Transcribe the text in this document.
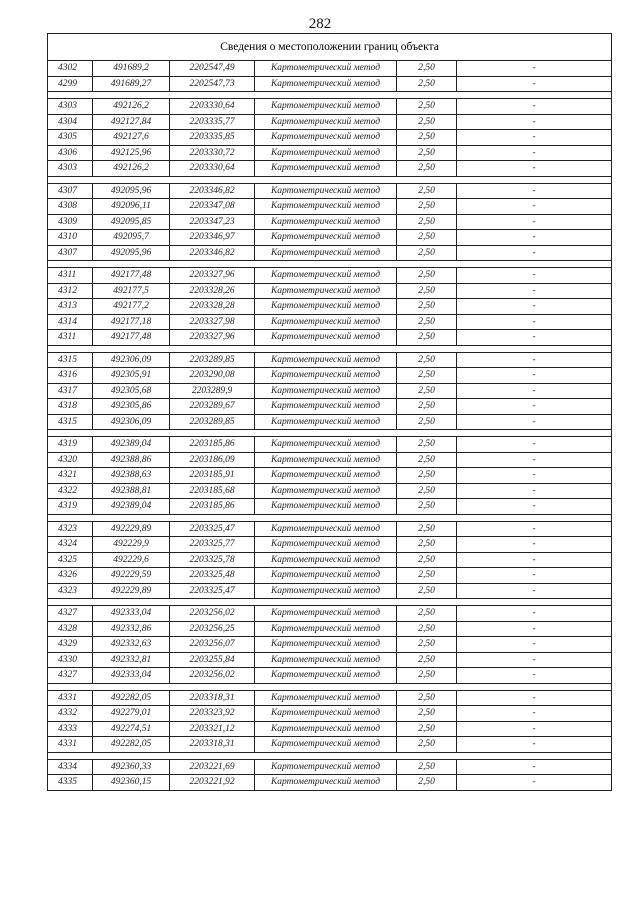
282
Сведения о местоположении границ объекта					
4302	491689,2	2202547,49	Картометрический метод	2,50	-
4299	491689,27	2202547,73	Картометрический метод	2,50	-

4303	492126,2	2203330,64	Картометрический метод	2,50	-
4304	492127,84	2203335,77	Картометрический метод	2,50	-
4305	492127,6	2203335,85	Картометрический метод	2,50	-
4306	492125,96	2203330,72	Картометрический метод	2,50	-
4303	492126,2	2203330,64	Картометрический метод	2,50	-

4307	492095,96	2203346,82	Картометрический метод	2,50	-
4308	492096,11	2203347,08	Картометрический метод	2,50	-
4309	492095,85	2203347,23	Картометрический метод	2,50	-
4310	492095,7	2203346,97	Картометрический метод	2,50	-
4307	492095,96	2203346,82	Картометрический метод	2,50	-

4311	492177,48	2203327,96	Картометрический метод	2,50	-
4312	492177,5	2203328,26	Картометрический метод	2,50	-
4313	492177,2	2203328,28	Картометрический метод	2,50	-
4314	492177,18	2203327,98	Картометрический метод	2,50	-
4311	492177,48	2203327,96	Картометрический метод	2,50	-

4315	492306,09	2203289,85	Картометрический метод	2,50	-
4316	492305,91	2203290,08	Картометрический метод	2,50	-
4317	492305,68	2203289,9	Картометрический метод	2,50	-
4318	492305,86	2203289,67	Картометрический метод	2,50	-
4315	492306,09	2203289,85	Картометрический метод	2,50	-

4319	492389,04	2203185,86	Картометрический метод	2,50	-
4320	492388,86	2203186,09	Картометрический метод	2,50	-
4321	492388,63	2203185,91	Картометрический метод	2,50	-
4322	492388,81	2203185,68	Картометрический метод	2,50	-
4319	492389,04	2203185,86	Картометрический метод	2,50	-

4323	492229,89	2203325,47	Картометрический метод	2,50	-
4324	492229,9	2203325,77	Картометрический метод	2,50	-
4325	492229,6	2203325,78	Картометрический метод	2,50	-
4326	492229,59	2203325,48	Картометрический метод	2,50	-
4323	492229,89	2203325,47	Картометрический метод	2,50	-

4327	492333,04	2203256,02	Картометрический метод	2,50	-
4328	492332,86	2203256,25	Картометрический метод	2,50	-
4329	492332,63	2203256,07	Картометрический метод	2,50	-
4330	492332,81	2203255,84	Картометрический метод	2,50	-
4327	492333,04	2203256,02	Картометрический метод	2,50	-

4331	492282,05	2203318,31	Картометрический метод	2,50	-
4332	492279,01	2203323,92	Картометрический метод	2,50	-
4333	492274,51	2203321,12	Картометрический метод	2,50	-
4331	492282,05	2203318,31	Картометрический метод	2,50	-

4334	492360,33	2203221,69	Картометрический метод	2,50	-
4335	492360,15	2203221,92	Картометрический метод	2,50	-
